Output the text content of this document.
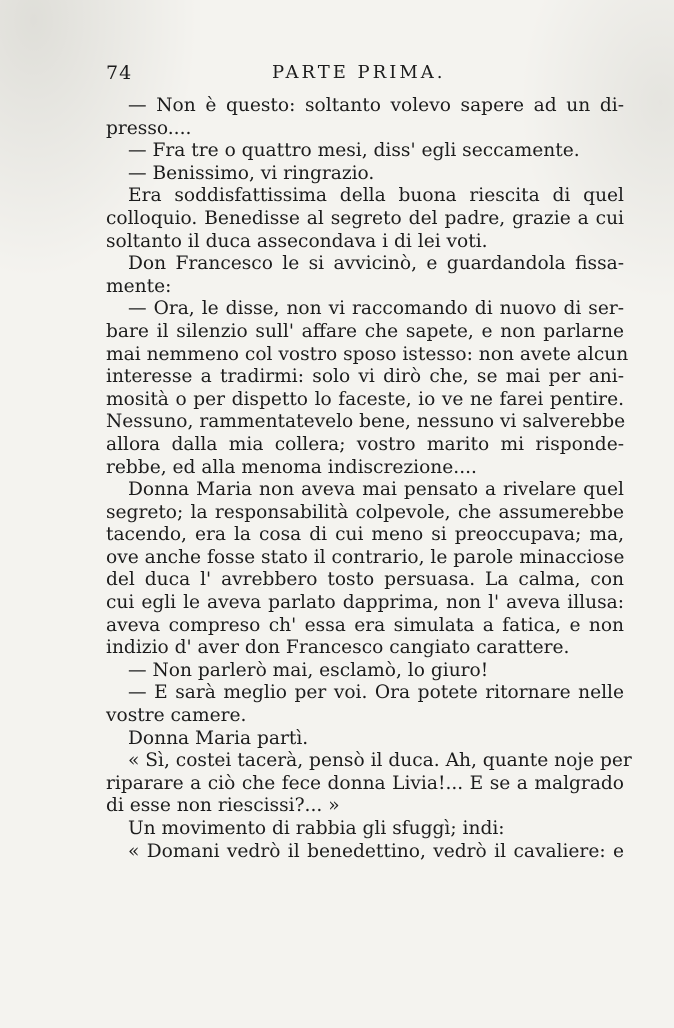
74	PARTE PRIMA.
— Non è questo: soltanto volevo sapere ad un di-
presso....
— Fra tre o quattro mesi, diss' egli seccamente.
— Benissimo, vi ringrazio.
Era soddisfattissima della buona riescita di quel
colloquio. Benedisse al segreto del padre, grazie a cui
soltanto il duca assecondava i di lei voti.
Don Francesco le si avvicinò, e guardandola fissa-
mente:
— Ora, le disse, non vi raccomando di nuovo di ser-
bare il silenzio sull' affare che sapete, e non parlarne
mai nemmeno col vostro sposo istesso: non avete alcun
interesse a tradirmi: solo vi dirò che, se mai per ani-
mosità o per dispetto lo faceste, io ve ne farei pentire.
Nessuno, rammentatevelo bene, nessuno vi salverebbe
allora dalla mia collera; vostro marito mi risponde-
rebbe, ed alla menoma indiscrezione....
Donna Maria non aveva mai pensato a rivelare quel
segreto; la responsabilità colpevole, che assumerebbe
tacendo, era la cosa di cui meno si preoccupava; ma,
ove anche fosse stato il contrario, le parole minacciose
del duca l' avrebbero tosto persuasa. La calma, con
cui egli le aveva parlato dapprima, non l' aveva illusa:
aveva compreso ch' essa era simulata a fatica, e non
indizio d' aver don Francesco cangiato carattere.
— Non parlerò mai, esclamò, lo giuro!
— E sarà meglio per voi. Ora potete ritornare nelle
vostre camere.
Donna Maria partì.
« Sì, costei tacerà, pensò il duca. Ah, quante noje per
riparare a ciò che fece donna Livia!... E se a malgrado
di esse non riescissi?... »
Un movimento di rabbia gli sfuggì; indi:
« Domani vedrò il benedettino, vedrò il cavaliere: e
